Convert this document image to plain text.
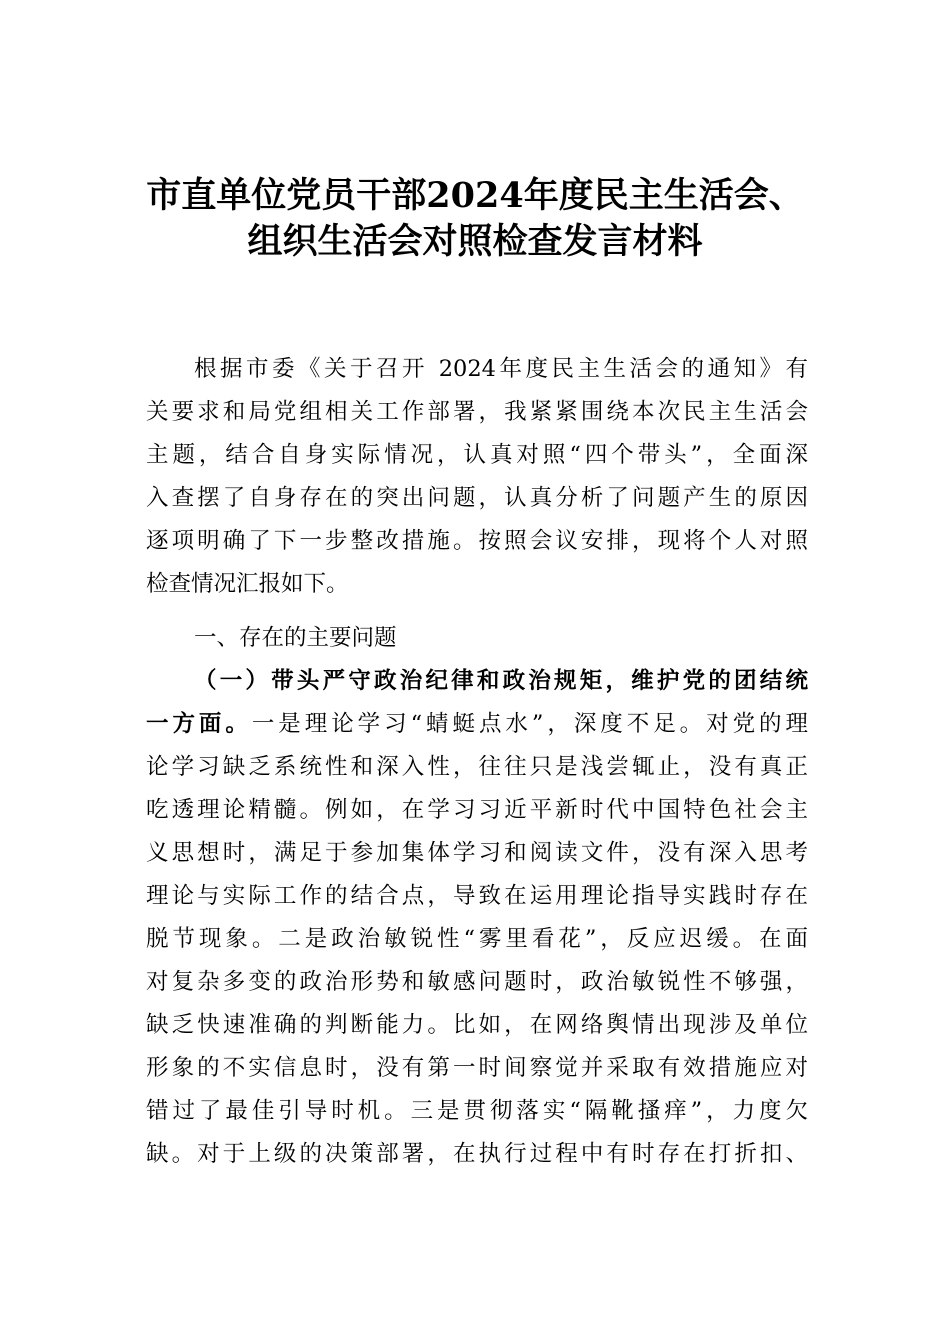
市直单位党员干部2024年度民主生活会、
组织生活会对照检查发言材料
根据市委《关于召开 2024年度民主生活会的通知》有
关要求和局党组相关工作部署，我紧紧围绕本次民主生活会
主题，结合自身实际情况，认真对照“四个带头”，全面深
入查摆了自身存在的突出问题，认真分析了问题产生的原因
逐项明确了下一步整改措施。按照会议安排，现将个人对照
检查情况汇报如下。
一、存在的主要问题
（一）带头严守政治纪律和政治规矩，维护党的团结统
一方面。一是理论学习“蜻蜓点水”，深度不足。对党的理
论学习缺乏系统性和深入性，往往只是浅尝辄止，没有真正
吃透理论精髓。例如，在学习习近平新时代中国特色社会主
义思想时，满足于参加集体学习和阅读文件，没有深入思考
理论与实际工作的结合点，导致在运用理论指导实践时存在
脱节现象。二是政治敏锐性“雾里看花”，反应迟缓。在面
对复杂多变的政治形势和敏感问题时，政治敏锐性不够强，
缺乏快速准确的判断能力。比如，在网络舆情出现涉及单位
形象的不实信息时，没有第一时间察觉并采取有效措施应对
错过了最佳引导时机。三是贯彻落实“隔靴搔痒”，力度欠
缺。对于上级的决策部署，在执行过程中有时存在打折扣、
